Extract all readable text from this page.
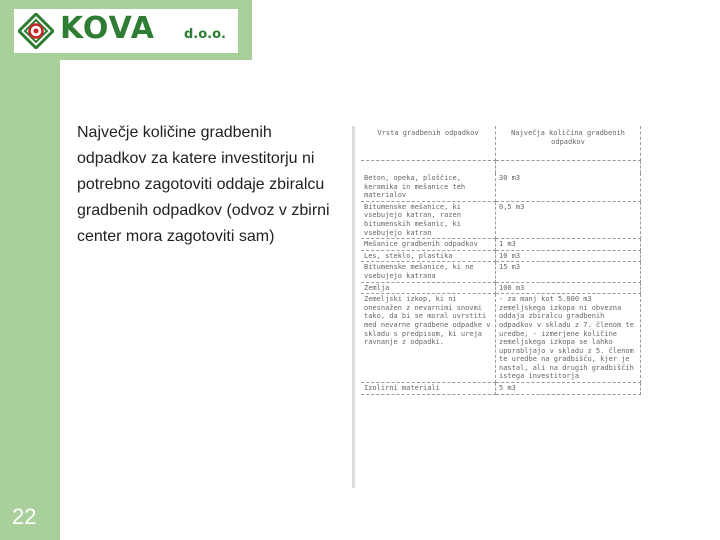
KOVA d.o.o.

Največje količine gradbenih odpadkov za katere investitorju ni potrebno zagotoviti oddaje zbiralcu gradbenih odpadkov (odvoz v zbirni center mora zagotoviti sam)

Vrsta gradbenih odpadkov	Največja količina gradbenih odpadkov

Beton, opeka, ploščice, keramika in mešanice teh materialov	30 m3
Bitumenske mešanice, ki vsebujejo katran, razen bitumenskih mešanic, ki vsebujejo katran	0,5 m3
Mešanice gradbenih odpadkov	1 m3
Les, steklo, plastika	10 m3
Bitumenske mešanice, ki ne vsebujejo katrana	15 m3
Zemlja	100 m3
Zemeljski izkop, ki ni onesnažen z nevarnimi snovmi tako, da bi se moral uvrstiti med nevarne gradbene odpadke v skladu s predpisom, ki ureja ravnanje z odpadki.	- za manj kot 5.000 m3 zemeljskega izkopa ni obvezna oddaja zbiralcu gradbenih odpadkov v skladu z 7. členom te uredbe, - izmerjene količine zemeljskega izkopa se lahko uporabljajo v skladu z 5. členom te uredbe na gradbišču, kjer je nastal, ali na drugih gradbiščih istega investitorja
Izolirni materiali	5 m3
22
